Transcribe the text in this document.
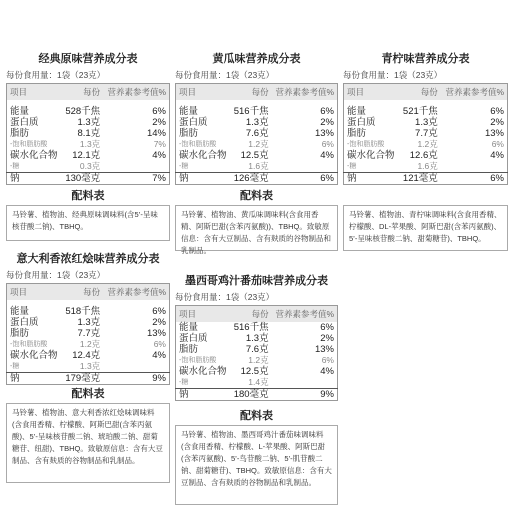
经典原味营养成分表
每份食用量：1袋（23克）
项目	每份	营养素参考值%

能量	528千焦	6%
蛋白质	1.3克	2%
脂肪	8.1克	14%
-饱和脂肪酸	1.3克	7%
碳水化合物	12.1克	4%
-糖	0.3克	
钠	130毫克	7%
黄瓜味营养成分表
每份食用量：1袋（23克）
项目	每份	营养素参考值%

能量	516千焦	6%
蛋白质	1.3克	2%
脂肪	7.6克	13%
-饱和脂肪酸	1.2克	6%
碳水化合物	12.5克	4%
-糖	1.6克	
钠	126毫克	6%
青柠味营养成分表
每份食用量：1袋（23克）
项目	每份	营养素参考值%

能量	521千焦	6%
蛋白质	1.3克	2%
脂肪	7.7克	13%
-饱和脂肪酸	1.2克	6%
碳水化合物	12.6克	4%
-糖	1.6克	
钠	121毫克	6%
配料表
马铃薯、植物油、经典原味调味料(含5’-呈味核苷酸二钠)、TBHQ。
配料表
马铃薯、植物油、黄瓜味调味料(含食用香精、阿斯巴甜(含苯丙氨酸))、TBHQ。致敏原信息：含有大豆制品、含有麸质的谷物制品和乳制品。
马铃薯、植物油、青柠味调味料(含食用香精、柠檬酸、DL-苹果酸、阿斯巴甜(含苯丙氨酸)、5’-呈味核苷酸二钠、甜菊糖苷)、TBHQ。
意大利香浓红烩味营养成分表
每份食用量：1袋（23克）
项目	每份	营养素参考值%

能量	518千焦	6%
蛋白质	1.3克	2%
脂肪	7.7克	13%
-饱和脂肪酸	1.2克	6%
碳水化合物	12.4克	4%
-糖	1.3克	
钠	179毫克	9%
墨西哥鸡汁番茄味营养成分表
每份食用量：1袋（23克）
项目	每份	营养素参考值%
能量	516千焦	6%
蛋白质	1.3克	2%
脂肪	7.6克	13%
-饱和脂肪酸	1.2克	6%
碳水化合物	12.5克	4%
-糖	1.4克	
钠	180毫克	9%
配料表
马铃薯、植物油、意大利香浓红烩味调味料(含食用香精、柠檬酸、阿斯巴甜(含苯丙氨酸)、5’-呈味核苷酸二钠、琥珀酸二钠、甜菊糖苷、纽甜)、TBHQ。致敏原信息：含有大豆制品、含有麸质的谷物制品和乳制品。
配料表
马铃薯、植物油、墨西哥鸡汁番茄味调味料(含食用香精、柠檬酸、L-苹果酸、阿斯巴甜(含苯丙氨酸)、5’-鸟苷酸二钠、5’-肌苷酸二钠、甜菊糖苷)、TBHQ。致敏原信息：含有大豆制品、含有麸质的谷物制品和乳制品。
